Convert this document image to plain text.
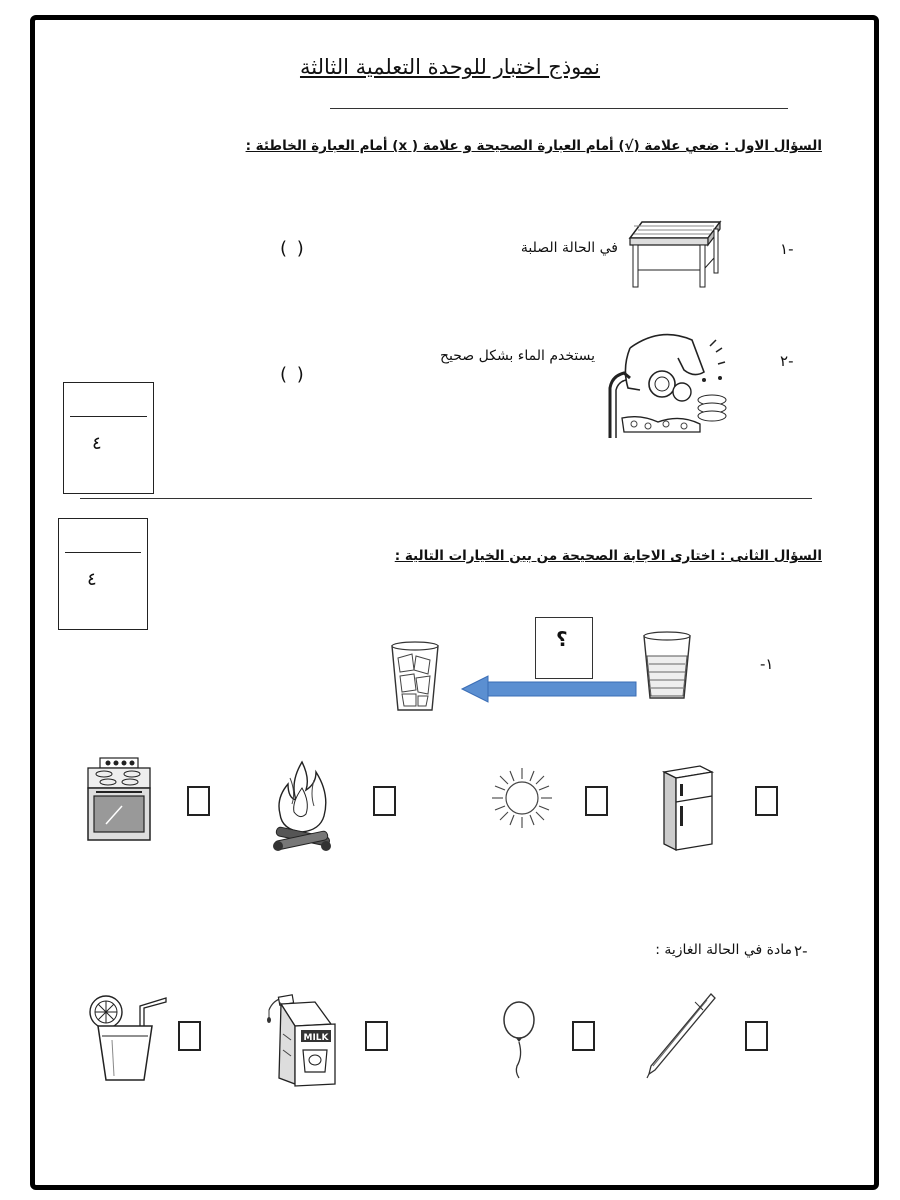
نموذج اختبار للوحدة التعلمية الثالثة
السؤال الاول : ضعي علامة (√) أمام العبارة الصحيحة و علامة ( x) أمام العبارة الخاطئة :
١-
في الحالة الصلبة
( )
٢-
يستخدم الماء بشكل صحيح
( )
٤
٤
السؤال الثانى : اختارى الاجابة الصحيحة من بين الخيارات التالية :
-١
؟
مادة في الحالة الغازية : ٢-
MILK
